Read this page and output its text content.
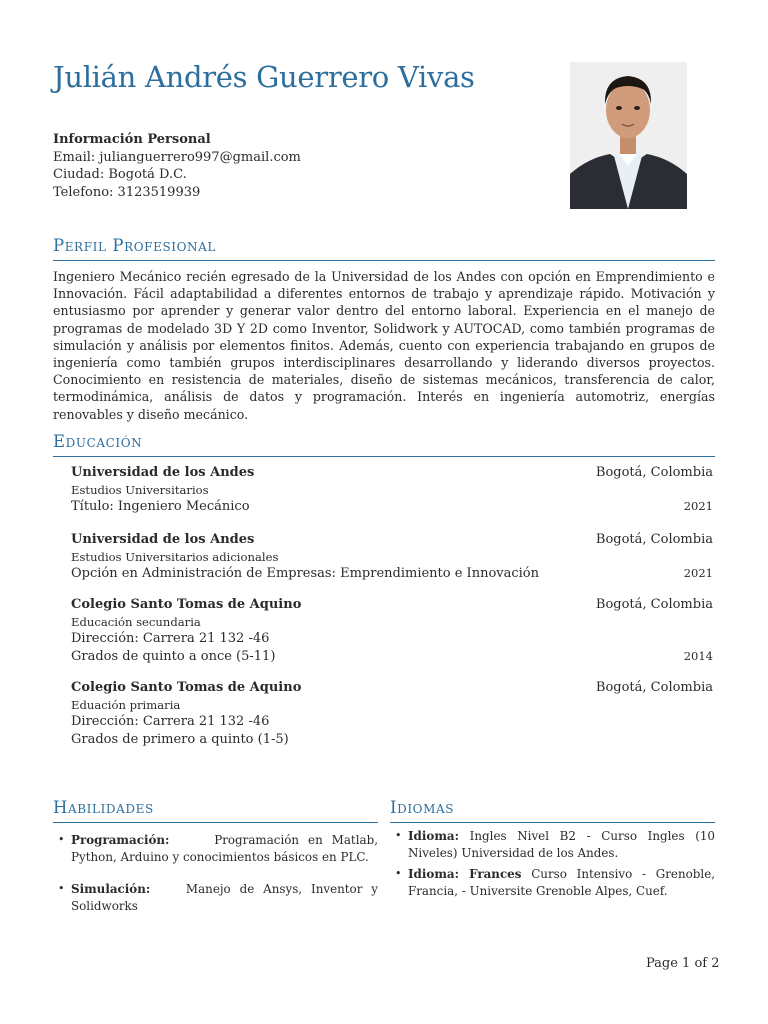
Julián Andrés Guerrero Vivas
Información Personal
Email: julianguerrero997@gmail.com
Ciudad: Bogotá D.C.
Telefono: 3123519939
Perfil Profesional
Ingeniero Mecánico recién egresado de la Universidad de los Andes con opción en Emprendimiento e Innovación. Fácil adaptabilidad a diferentes entornos de trabajo y aprendizaje rápido. Motivación y entusiasmo por aprender y generar valor dentro del entorno laboral. Experiencia en el manejo de programas de modelado 3D Y 2D como Inventor, Solidwork y AUTOCAD, como también programas de simulación y análisis por elementos finitos. Además, cuento con experiencia trabajando en grupos de ingeniería como también grupos interdisciplinares desarrollando y liderando diversos proyectos. Conocimiento en resistencia de materiales, diseño de sistemas mecánicos, transferencia de calor, termodinámica, análisis de datos y programación. Interés en ingeniería automotriz, energías renovables y diseño mecánico.
Educación
Universidad de los Andes	Bogotá, Colombia
Estudios Universitarios
Título: Ingeniero Mecánico	2021
Universidad de los Andes	Bogotá, Colombia
Estudios Universitarios adicionales
Opción en Administración de Empresas: Emprendimiento e Innovación	2021
Colegio Santo Tomas de Aquino	Bogotá, Colombia
Educación secundaria
Dirección: Carrera 21 132 -46
Grados de quinto a once (5-11)	2014
Colegio Santo Tomas de Aquino	Bogotá, Colombia
Eduación primaria
Dirección: Carrera 21 132 -46
Grados de primero a quinto (1-5)
Habilidades
• Programación:	Programación en Matlab, Python, Arduino y conocimientos básicos en PLC.
• Simulación:	Manejo de Ansys, Inventor y Solidworks
Idiomas
• Idioma: Ingles Nivel B2 - Curso Ingles (10 Niveles) Universidad de los Andes.
• Idioma: Frances Curso Intensivo - Grenoble, Francia, - Universite Grenoble Alpes, Cuef.
Page 1 of 2
